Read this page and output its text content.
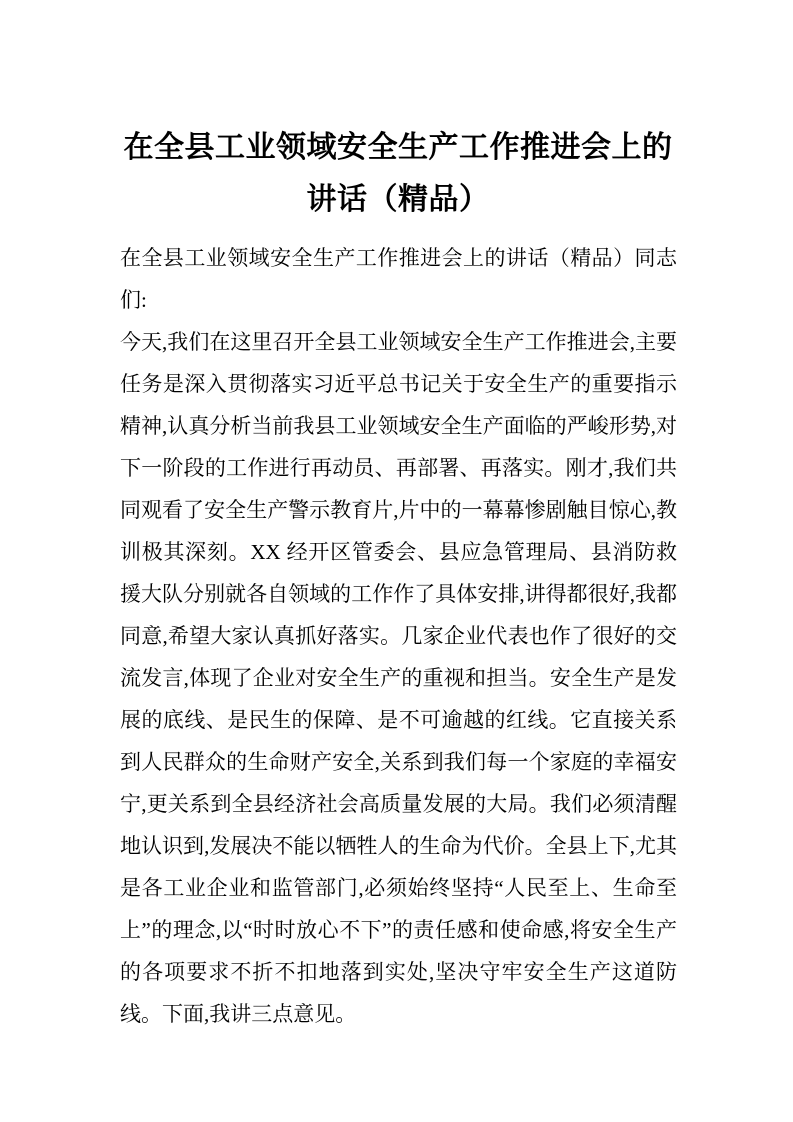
在全县工业领域安全生产工作推进会上的讲话（精品）

在全县工业领域安全生产工作推进会上的讲话（精品）同志们:

今天,我们在这里召开全县工业领域安全生产工作推进会,主要任务是深入贯彻落实习近平总书记关于安全生产的重要指示精神,认真分析当前我县工业领域安全生产面临的严峻形势,对下一阶段的工作进行再动员、再部署、再落实。刚才,我们共同观看了安全生产警示教育片,片中的一幕幕惨剧触目惊心,教训极其深刻。XX 经开区管委会、县应急管理局、县消防救援大队分别就各自领域的工作作了具体安排,讲得都很好,我都同意,希望大家认真抓好落实。几家企业代表也作了很好的交流发言,体现了企业对安全生产的重视和担当。安全生产是发展的底线、是民生的保障、是不可逾越的红线。它直接关系到人民群众的生命财产安全,关系到我们每一个家庭的幸福安宁,更关系到全县经济社会高质量发展的大局。我们必须清醒地认识到,发展决不能以牺牲人的生命为代价。全县上下,尤其是各工业企业和监管部门,必须始终坚持“人民至上、生命至上”的理念,以“时时放心不下”的责任感和使命感,将安全生产的各项要求不折不扣地落到实处,坚决守牢安全生产这道防线。下面,我讲三点意见。
